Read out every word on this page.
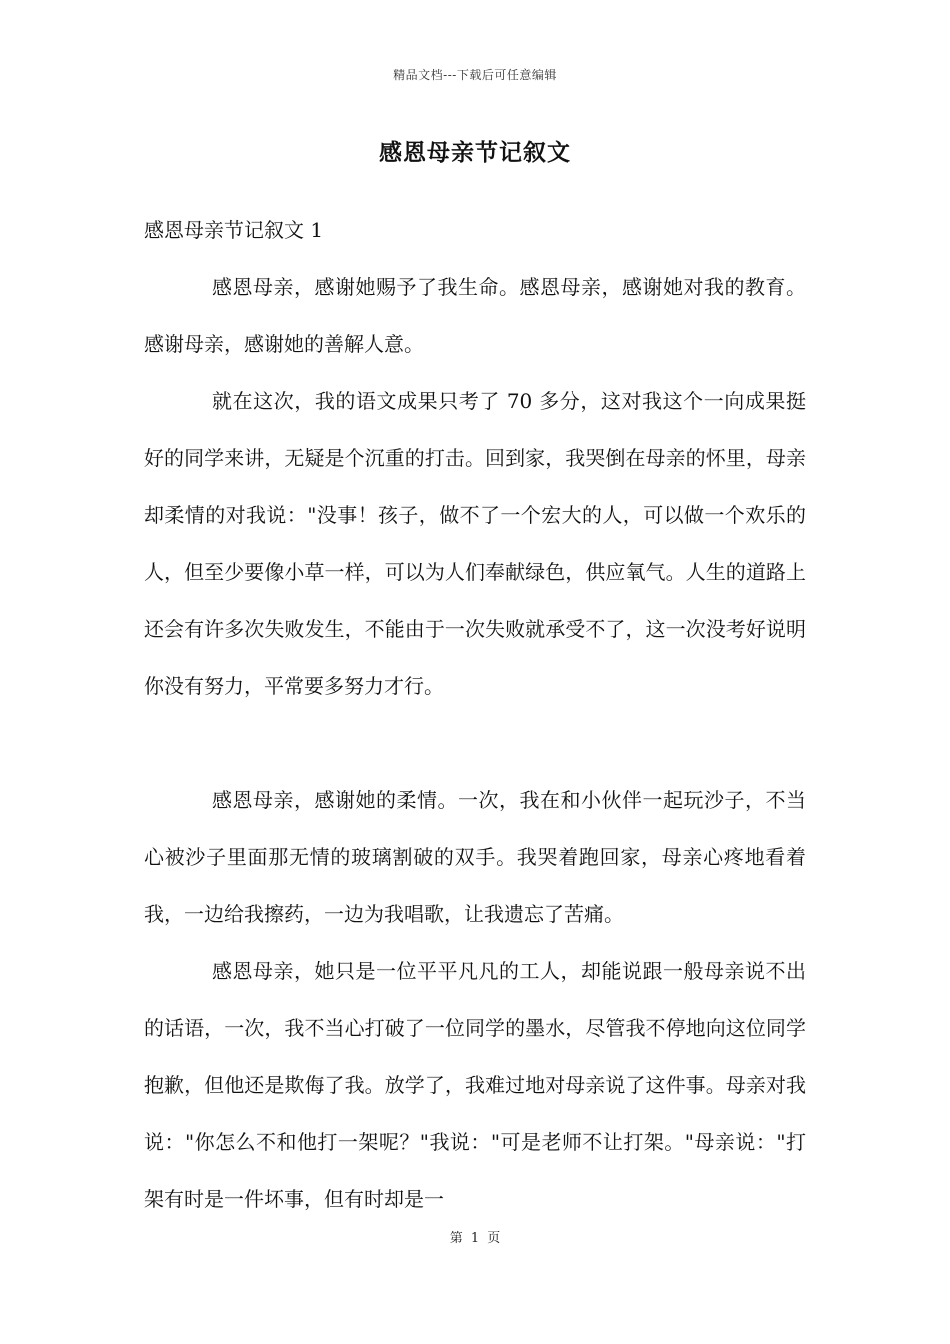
精品文档---下载后可任意编辑
感恩母亲节记叙文

感恩母亲节记叙文 1

感恩母亲，感谢她赐予了我生命。感恩母亲，感谢她对我的教育。感谢母亲，感谢她的善解人意。

就在这次，我的语文成果只考了 70 多分，这对我这个一向成果挺好的同学来讲，无疑是个沉重的打击。回到家，我哭倒在母亲的怀里，母亲却柔情的对我说："没事！孩子，做不了一个宏大的人，可以做一个欢乐的人，但至少要像小草一样，可以为人们奉献绿色，供应氧气。人生的道路上还会有许多次失败发生，不能由于一次失败就承受不了，这一次没考好说明你没有努力，平常要多努力才行。

感恩母亲，感谢她的柔情。一次，我在和小伙伴一起玩沙子，不当心被沙子里面那无情的玻璃割破的双手。我哭着跑回家，母亲心疼地看着我，一边给我擦药，一边为我唱歌，让我遗忘了苦痛。

感恩母亲，她只是一位平平凡凡的工人，却能说跟一般母亲说不出的话语，一次，我不当心打破了一位同学的墨水，尽管我不停地向这位同学抱歉，但他还是欺侮了我。放学了，我难过地对母亲说了这件事。母亲对我说："你怎么不和他打一架呢？"我说："可是老师不让打架。"母亲说："打架有时是一件坏事，但有时却是一

第 1 页
